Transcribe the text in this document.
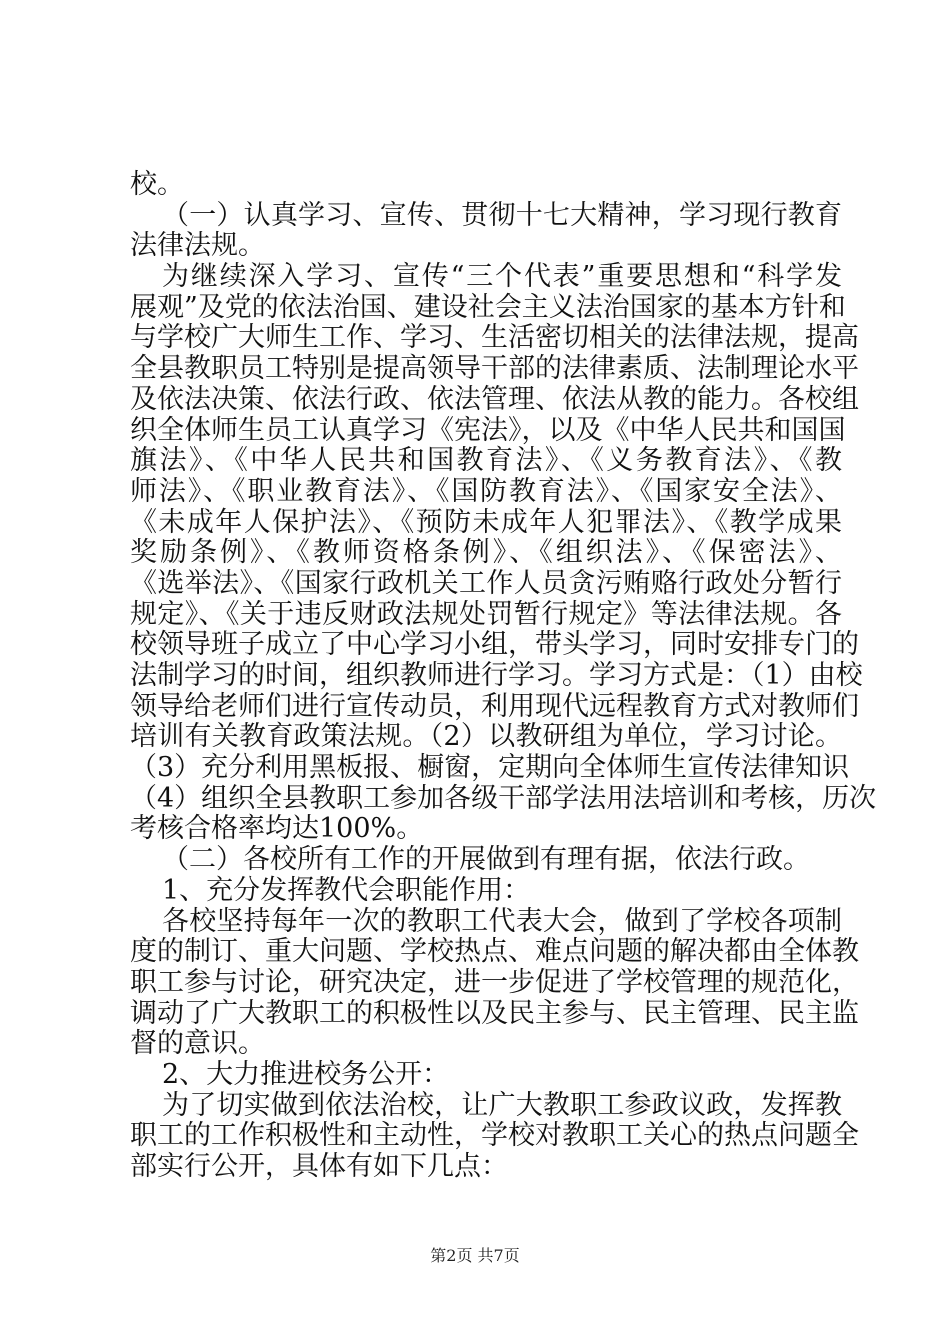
校。
（一）认真学习、宣传、贯彻十七大精神，学习现行教育
法律法规。
为继续深入学习、宣传“三个代表”重要思想和“科学发
展观”及党的依法治国、建设社会主义法治国家的基本方针和
与学校广大师生工作、学习、生活密切相关的法律法规，提高
全县教职员工特别是提高领导干部的法律素质、法制理论水平
及依法决策、依法行政、依法管理、依法从教的能力。各校组
织全体师生员工认真学习《宪法》，以及《中华人民共和国国
旗法》、《中华人民共和国教育法》、《义务教育法》、《教
师法》、《职业教育法》、《国防教育法》、《国家安全法》、
《未成年人保护法》、《预防未成年人犯罪法》、《教学成果
奖励条例》、《教师资格条例》、《组织法》、《保密法》、
《选举法》、《国家行政机关工作人员贪污贿赂行政处分暂行
规定》、《关于违反财政法规处罚暂行规定》等法律法规。各
校领导班子成立了中心学习小组，带头学习，同时安排专门的
法制学习的时间，组织教师进行学习。学习方式是：（1）由校
领导给老师们进行宣传动员，利用现代远程教育方式对教师们
培训有关教育政策法规。（2）以教研组为单位，学习讨论。
（3）充分利用黑板报、橱窗，定期向全体师生宣传法律知识
（4）组织全县教职工参加各级干部学法用法培训和考核，历次
考核合格率均达100%。
（二）各校所有工作的开展做到有理有据，依法行政。
1、充分发挥教代会职能作用：
各校坚持每年一次的教职工代表大会，做到了学校各项制
度的制订、重大问题、学校热点、难点问题的解决都由全体教
职工参与讨论，研究决定，进一步促进了学校管理的规范化，
调动了广大教职工的积极性以及民主参与、民主管理、民主监
督的意识。
2、大力推进校务公开：
为了切实做到依法治校，让广大教职工参政议政，发挥教
职工的工作积极性和主动性，学校对教职工关心的热点问题全
部实行公开，具体有如下几点：
第2页 共7页
